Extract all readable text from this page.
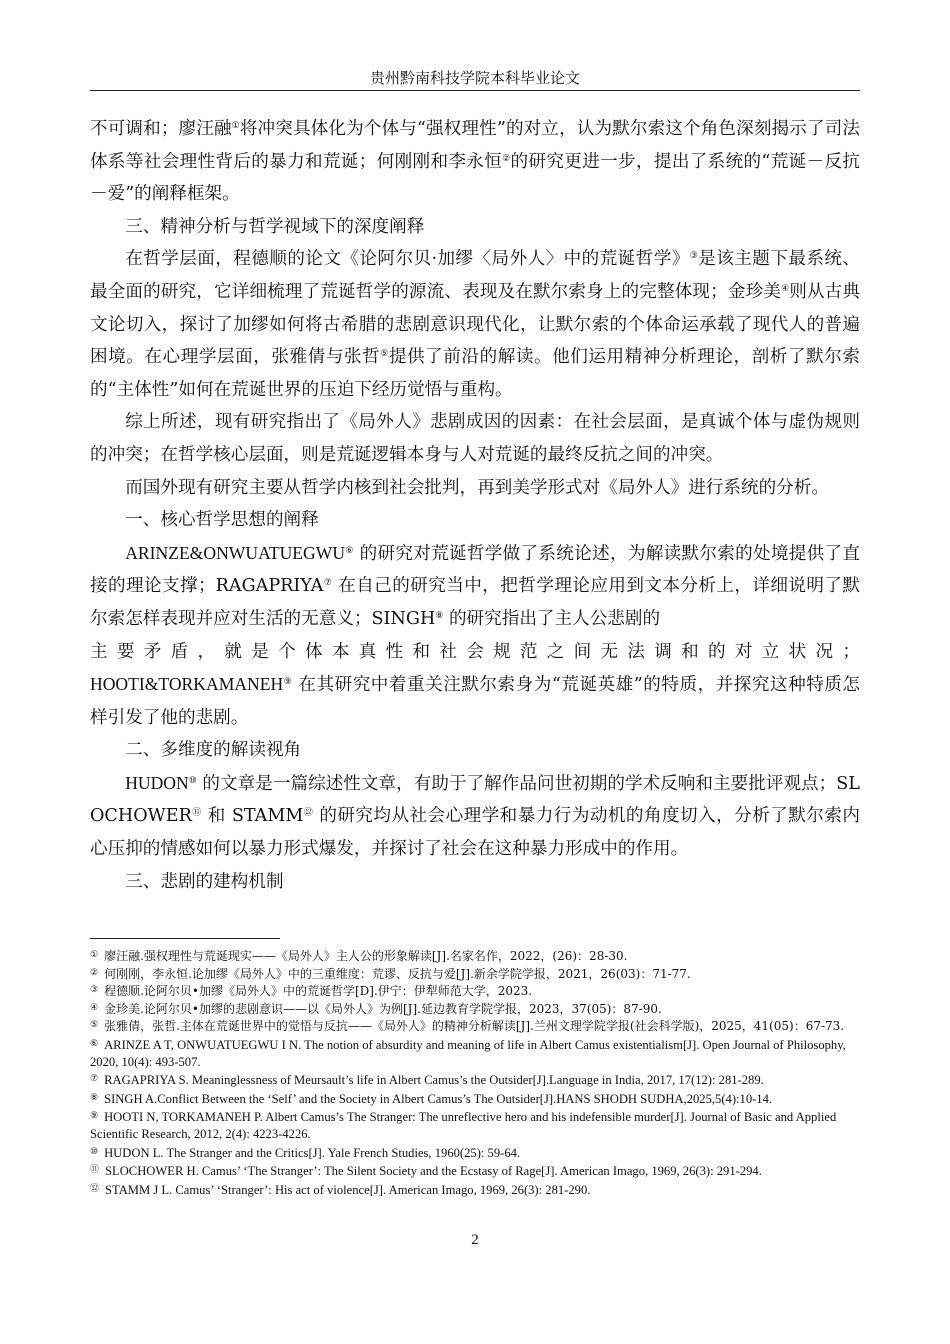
贵州黔南科技学院本科毕业论文

不可调和；廖汪融①将冲突具体化为个体与“强权理性”的对立，认为默尔索这个角色深刻揭示了司法体系等社会理性背后的暴力和荒诞；何刚刚和李永恒②的研究更进一步，提出了系统的“荒诞－反抗－爱”的阐释框架。

三、精神分析与哲学视域下的深度阐释

在哲学层面，程德顺的论文《论阿尔贝·加缪〈局外人〉中的荒诞哲学》③是该主题下最系统、最全面的研究，它详细梳理了荒诞哲学的源流、表现及在默尔索身上的完整体现；金珍美④则从古典文论切入，探讨了加缪如何将古希腊的悲剧意识现代化，让默尔索的个体命运承载了现代人的普遍困境。在心理学层面，张雅倩与张哲⑤提供了前沿的解读。他们运用精神分析理论，剖析了默尔索的“主体性”如何在荒诞世界的压迫下经历觉悟与重构。

综上所述，现有研究指出了《局外人》悲剧成因的因素：在社会层面，是真诚个体与虚伪规则的冲突；在哲学核心层面，则是荒诞逻辑本身与人对荒诞的最终反抗之间的冲突。

而国外现有研究主要从哲学内核到社会批判，再到美学形式对《局外人》进行系统的分析。

一、核心哲学思想的阐释

ARINZE&ONWUATUEGWU⑥ 的研究对荒诞哲学做了系统论述，为解读默尔索的处境提供了直接的理论支撑；RAGAPRIYA⑦ 在自己的研究当中，把哲学理论应用到文本分析上，详细说明了默尔索怎样表现并应对生活的无意义；SINGH⑧ 的研究指出了主人公悲剧的

主要矛盾，就是个体本真性和社会规范之间无法调和的对立状况；

HOOTI&TORKAMANEH⑨ 在其研究中着重关注默尔索身为“荒诞英雄”的特质，并探究这种特质怎样引发了他的悲剧。

二、多维度的解读视角

HUDON⑩ 的文章是一篇综述性文章，有助于了解作品问世初期的学术反响和主要批评观点；SLOCHOWER⑪ 和 STAMM⑫ 的研究均从社会心理学和暴力行为动机的角度切入，分析了默尔索内心压抑的情感如何以暴力形式爆发，并探讨了社会在这种暴力形成中的作用。

三、悲剧的建构机制

① 廖汪融.强权理性与荒诞现实——《局外人》主人公的形象解读[J].名家名作，2022，(26)：28-30.

② 何刚刚，李永恒.论加缪《局外人》中的三重维度：荒谬、反抗与爱[J].新余学院学报，2021，26(03)：71-77.

③ 程德顺.论阿尔贝•加缪《局外人》中的荒诞哲学[D].伊宁：伊犁师范大学，2023.

④ 金珍美.论阿尔贝•加缪的悲剧意识——以《局外人》为例[J].延边教育学院学报，2023，37(05)：87-90.

⑤ 张雅倩，张哲.主体在荒诞世界中的觉悟与反抗——《局外人》的精神分析解读[J].兰州文理学院学报(社会科学版)，2025，41(05)：67-73.

⑥ ARINZE A T, ONWUATUEGWU I N. The notion of absurdity and meaning of life in Albert Camus existentialism[J]. Open Journal of Philosophy, 2020, 10(4): 493-507.

⑦ RAGAPRIYA S. Meaninglessness of Meursault’s life in Albert Camus’s the Outsider[J].Language in India, 2017, 17(12): 281-289.

⑧ SINGH A.Conflict Between the ‘Self’ and the Society in Albert Camus’s The Outsider[J].HANS SHODH SUDHA,2025,5(4):10-14.

⑨ HOOTI N, TORKAMANEH P. Albert Camus’s The Stranger: The unreflective hero and his indefensible murder[J]. Journal of Basic and Applied Scientific Research, 2012, 2(4): 4223-4226.

⑩ HUDON L. The Stranger and the Critics[J]. Yale French Studies, 1960(25): 59-64.

⑪ SLOCHOWER H. Camus’ ‘The Stranger’: The Silent Society and the Ecstasy of Rage[J]. American Imago, 1969, 26(3): 291-294.

⑫ STAMM J L. Camus’ ‘Stranger’: His act of violence[J]. American Imago, 1969, 26(3): 281-290.

2
